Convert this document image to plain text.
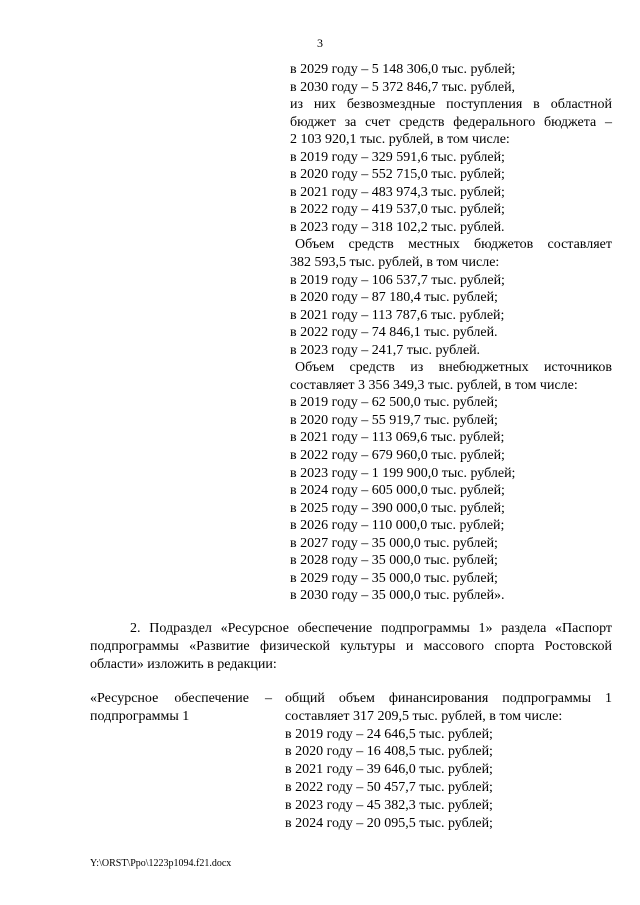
3
в 2029 году – 5 148 306,0 тыс. рублей;
в 2030 году – 5 372 846,7 тыс. рублей,
из них безвозмездные поступления в областной
бюджет за счет средств федерального бюджета –
2 103 920,1 тыс. рублей, в том числе:
в 2019 году – 329 591,6 тыс. рублей;
в 2020 году – 552 715,0 тыс. рублей;
в 2021 году – 483 974,3 тыс. рублей;
в 2022 году – 419 537,0 тыс. рублей;
в 2023 году – 318 102,2 тыс. рублей.
Объем средств местных бюджетов составляет
382 593,5 тыс. рублей, в том числе:
в 2019 году – 106 537,7 тыс. рублей;
в 2020 году – 87 180,4 тыс. рублей;
в 2021 году – 113 787,6 тыс. рублей;
в 2022 году – 74 846,1 тыс. рублей.
в 2023 году – 241,7 тыс. рублей.
Объем средств из внебюджетных источников
составляет 3 356 349,3 тыс. рублей, в том числе:
в 2019 году – 62 500,0 тыс. рублей;
в 2020 году – 55 919,7 тыс. рублей;
в 2021 году – 113 069,6 тыс. рублей;
в 2022 году – 679 960,0 тыс. рублей;
в 2023 году – 1 199 900,0 тыс. рублей;
в 2024 году – 605 000,0 тыс. рублей;
в 2025 году – 390 000,0 тыс. рублей;
в 2026 году – 110 000,0 тыс. рублей;
в 2027 году – 35 000,0 тыс. рублей;
в 2028 году – 35 000,0 тыс. рублей;
в 2029 году – 35 000,0 тыс. рублей;
в 2030 году – 35 000,0 тыс. рублей».
2. Подраздел «Ресурсное обеспечение подпрограммы 1» раздела «Паспорт подпрограммы «Развитие физической культуры и массового спорта Ростовской области» изложить в редакции:
«Ресурсное обеспечение –
подпрограммы 1
общий объем финансирования подпрограммы 1
составляет 317 209,5 тыс. рублей, в том числе:
в 2019 году – 24 646,5 тыс. рублей;
в 2020 году – 16 408,5 тыс. рублей;
в 2021 году – 39 646,0 тыс. рублей;
в 2022 году – 50 457,7 тыс. рублей;
в 2023 году – 45 382,3 тыс. рублей;
в 2024 году – 20 095,5 тыс. рублей;
Y:\ORST\Ppo\1223p1094.f21.docx
